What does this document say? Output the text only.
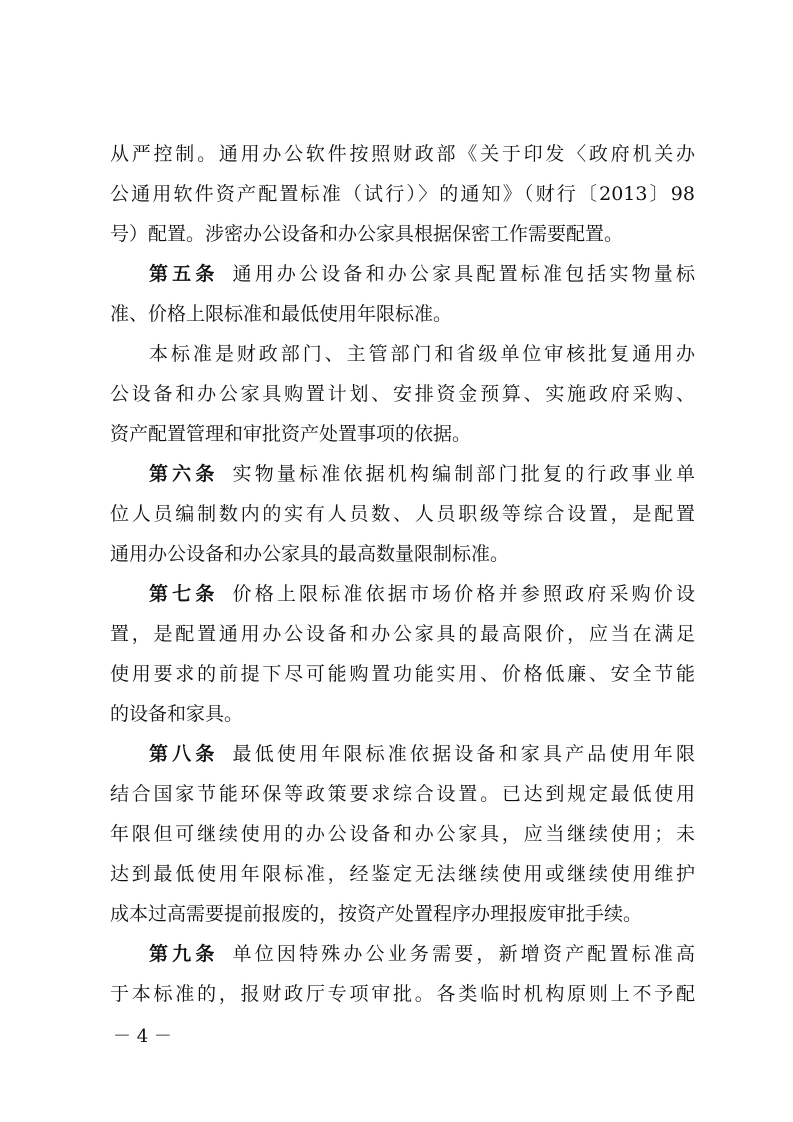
从严控制。通用办公软件按照财政部《关于印发〈政府机关办
公通用软件资产配置标准（试行）〉的通知》（财行〔2013〕98
号）配置。涉密办公设备和办公家具根据保密工作需要配置。
第五条 通用办公设备和办公家具配置标准包括实物量标
准、价格上限标准和最低使用年限标准。
本标准是财政部门、主管部门和省级单位审核批复通用办
公设备和办公家具购置计划、安排资金预算、实施政府采购、
资产配置管理和审批资产处置事项的依据。
第六条 实物量标准依据机构编制部门批复的行政事业单
位人员编制数内的实有人员数、人员职级等综合设置，是配置
通用办公设备和办公家具的最高数量限制标准。
第七条 价格上限标准依据市场价格并参照政府采购价设
置，是配置通用办公设备和办公家具的最高限价，应当在满足
使用要求的前提下尽可能购置功能实用、价格低廉、安全节能
的设备和家具。
第八条 最低使用年限标准依据设备和家具产品使用年限
结合国家节能环保等政策要求综合设置。已达到规定最低使用
年限但可继续使用的办公设备和办公家具，应当继续使用；未
达到最低使用年限标准，经鉴定无法继续使用或继续使用维护
成本过高需要提前报废的，按资产处置程序办理报废审批手续。
第九条 单位因特殊办公业务需要，新增资产配置标准高
于本标准的，报财政厅专项审批。各类临时机构原则上不予配
－ 4 －
